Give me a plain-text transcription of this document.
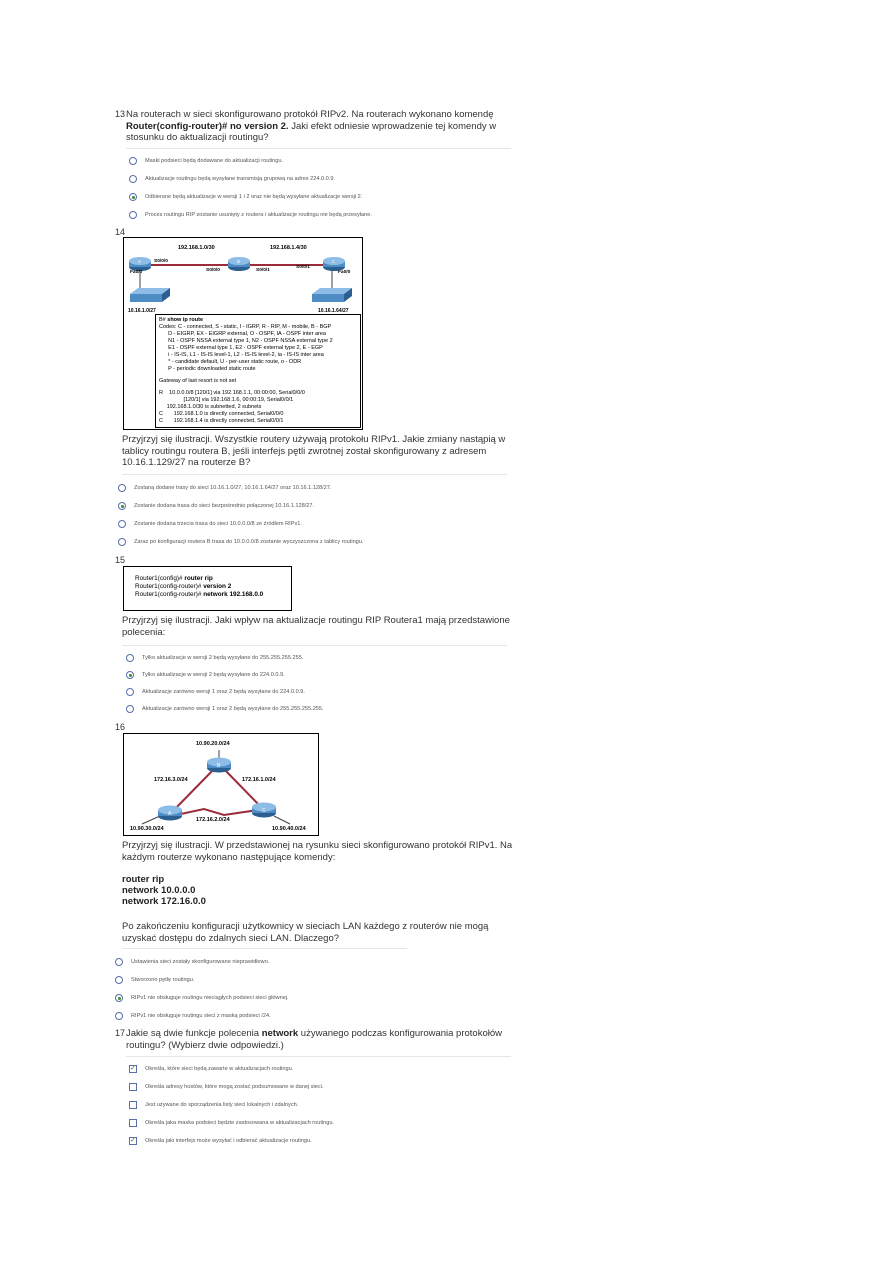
13 Na routerach w sieci skonfigurowano protokół RIPv2. Na routerach wykonano komendę
Router(config-router)# no version 2. Jaki efekt odniesie wprowadzenie tej komendy w
stosunku do aktualizacji routingu?
Maski podsieci będą dodawane do aktualizacji routingu.
Aktualizacje routingu będą wysyłane transmisją grupową na adres 224.0.0.9.
Odbierane będą aktualizacje w wersji 1 i 2 oraz nie będą wysyłane aktualizacje wersji 2.
Proces routingu RIP zostanie usunięty z routera i aktualizacje routingu nie będą przesyłane.
14
192.168.1.0/30	192.168.1.4/30
Fa0/0
S0/0/0
S0/0/0	S0/0/1
S0/0/1
Fa0/0
A	B	C
10.16.1.0/27	10.16.1.64/27
B# show ip route
Codes: C - connected, S - static, I - IGRP, R - RIP, M - mobile, B - BGP
D - EIGRP, EX - EIGRP external, O - OSPF, IA - OSPF inter area
N1 - OSPF NSSA external type 1, N2 - OSPF NSSA external type 2
E1 - OSPF external type 1, E2 - OSPF external type 2, E - EGP
i - IS-IS, L1 - IS-IS level-1, L2 - IS-IS level-2, ia - IS-IS inter area
* - candidate default, U - per-user static route, o - ODR
P - periodic downloaded static route
Gateway of last resort is not set
R    10.0.0.0/8 [120/1] via 192.168.1.1, 00:00:00, Serial0/0/0
[120/1] via 192.168.1.6, 00:00:19, Serial0/0/1
192.168.1.0/30 is subnetted, 2 subnets
C       192.168.1.0 is directly connected, Serial0/0/0
C       192.168.1.4 is directly connected, Serial0/0/1
Przyjrzyj się ilustracji. Wszystkie routery używają protokołu RIPv1. Jakie zmiany nastąpią w
tablicy routingu routera B, jeśli interfejs pętli zwrotnej został skonfigurowany z adresem
10.16.1.129/27 na routerze B?
Zostaną dodane trasy do sieci 10.16.1.0/27, 10.16.1.64/27 oraz 10.16.1.128/27.
Zostanie dodana trasa do sieci bezpośrednio połączonej 10.16.1.128/27.
Zostanie dodana trzecia trasa do sieci 10.0.0.0/8 ze źródłem RIPv1.
Zaraz po konfiguracji routera B trasa do 10.0.0.0/8 zostanie wyczyszczona z tablicy routingu.
15
Router1(config)# router rip
Router1(config-router)# version 2
Router1(config-router)# network 192.168.0.0
Przyjrzyj się ilustracji. Jaki wpływ na aktualizacje routingu RIP Routera1 mają przedstawione
polecenia:
Tylko aktualizacje w wersji 2 będą wysyłane do 255.255.255.255.
Tylko aktualizacje w wersji 2 będą wysyłane do 224.0.0.9.
Aktualizacje zarówno wersji 1 oraz 2 będą wysyłane do 224.0.0.9.
Aktualizacje zarówno wersji 1 oraz 2 będą wysyłane do 255.255.255.255.
16
B
A	C
10.90.20.0/24
172.16.3.0/24	172.16.1.0/24
172.16.2.0/24
10.90.30.0/24	10.90.40.0/24
Przyjrzyj się ilustracji. W przedstawionej na rysunku sieci skonfigurowano protokół RIPv1. Na
każdym routerze wykonano następujące komendy:
router rip
network 10.0.0.0
network 172.16.0.0
Po zakończeniu konfiguracji użytkownicy w sieciach LAN każdego z routerów nie mogą
uzyskać dostępu do zdalnych sieci LAN. Dlaczego?
Ustawienia sieci zostały skonfigurowane nieprawidłowo.
Stworzono pętlę routingu.
RIPv1 nie obsługuje routingu nieciągłych podsieci sieci głównej.
RIPv1 nie obsługuje routingu sieci z maską podsieci /24.
17 Jakie są dwie funkcje polecenia network używanego podczas konfigurowania protokołów
routingu? (Wybierz dwie odpowiedzi.)
✓ Określa, które sieci będą zawarte w aktualizacjach routingu.
Określa adresy hostów, które mogą zostać podsumowane w danej sieci.
Jest używane do sporządzenia listy sieci lokalnych i zdalnych.
Określa jaka maska podsieci będzie zastosowana w aktualizacjach routingu.
✓ Określa jaki interfejs może wysyłać i odbierać aktualizacje routingu.
